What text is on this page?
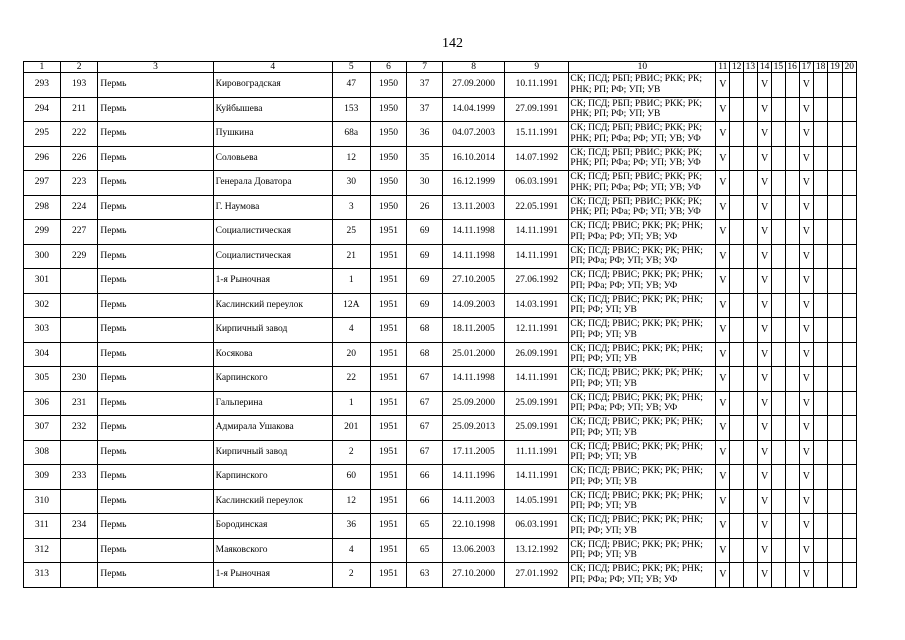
142
1	2	3	4	5	6	7	8	9	10	11	12	13	14	15	16	17	18	19	20
293	193	Пермь	Кировоградская	47	1950	37	27.09.2000	10.11.1991	СК; ПСД; РБП; РВИС; РКК; РК; РНК; РП; РФ; УП; УВ	V			V			V			
294	211	Пермь	Куйбышева	153	1950	37	14.04.1999	27.09.1991	СК; ПСД; РБП; РВИС; РКК; РК; РНК; РП; РФ; УП; УВ	V			V			V			
295	222	Пермь	Пушкина	68а	1950	36	04.07.2003	15.11.1991	СК; ПСД; РБП; РВИС; РКК; РК; РНК; РП; РФа; РФ; УП; УВ; УФ	V			V			V			
296	226	Пермь	Соловьева	12	1950	35	16.10.2014	14.07.1992	СК; ПСД; РБП; РВИС; РКК; РК; РНК; РП; РФа; РФ; УП; УВ; УФ	V			V			V			
297	223	Пермь	Генерала Доватора	30	1950	30	16.12.1999	06.03.1991	СК; ПСД; РБП; РВИС; РКК; РК; РНК; РП; РФа; РФ; УП; УВ; УФ	V			V			V			
298	224	Пермь	Г. Наумова	3	1950	26	13.11.2003	22.05.1991	СК; ПСД; РБП; РВИС; РКК; РК; РНК; РП; РФа; РФ; УП; УВ; УФ	V			V			V			
299	227	Пермь	Социалистическая	25	1951	69	14.11.1998	14.11.1991	СК; ПСД; РВИС; РКК; РК; РНК; РП; РФа; РФ; УП; УВ; УФ	V			V			V			
300	229	Пермь	Социалистическая	21	1951	69	14.11.1998	14.11.1991	СК; ПСД; РВИС; РКК; РК; РНК; РП; РФа; РФ; УП; УВ; УФ	V			V			V			
301		Пермь	1-я Рыночная	1	1951	69	27.10.2005	27.06.1992	СК; ПСД; РВИС; РКК; РК; РНК; РП; РФа; РФ; УП; УВ; УФ	V			V			V			
302		Пермь	Каслинский переулок	12А	1951	69	14.09.2003	14.03.1991	СК; ПСД; РВИС; РКК; РК; РНК; РП; РФ; УП; УВ	V			V			V			
303		Пермь	Кирпичный завод	4	1951	68	18.11.2005	12.11.1991	СК; ПСД; РВИС; РКК; РК; РНК; РП; РФ; УП; УВ	V			V			V			
304		Пермь	Косякова	20	1951	68	25.01.2000	26.09.1991	СК; ПСД; РВИС; РКК; РК; РНК; РП; РФ; УП; УВ	V			V			V			
305	230	Пермь	Карпинского	22	1951	67	14.11.1998	14.11.1991	СК; ПСД; РВИС; РКК; РК; РНК; РП; РФ; УП; УВ	V			V			V			
306	231	Пермь	Гальперина	1	1951	67	25.09.2000	25.09.1991	СК; ПСД; РВИС; РКК; РК; РНК; РП; РФа; РФ; УП; УВ; УФ	V			V			V			
307	232	Пермь	Адмирала Ушакова	201	1951	67	25.09.2013	25.09.1991	СК; ПСД; РВИС; РКК; РК; РНК; РП; РФ; УП; УВ	V			V			V			
308		Пермь	Кирпичный завод	2	1951	67	17.11.2005	11.11.1991	СК; ПСД; РВИС; РКК; РК; РНК; РП; РФ; УП; УВ	V			V			V			
309	233	Пермь	Карпинского	60	1951	66	14.11.1996	14.11.1991	СК; ПСД; РВИС; РКК; РК; РНК; РП; РФ; УП; УВ	V			V			V			
310		Пермь	Каслинский переулок	12	1951	66	14.11.2003	14.05.1991	СК; ПСД; РВИС; РКК; РК; РНК; РП; РФ; УП; УВ	V			V			V			
311	234	Пермь	Бородинская	36	1951	65	22.10.1998	06.03.1991	СК; ПСД; РВИС; РКК; РК; РНК; РП; РФ; УП; УВ	V			V			V			
312		Пермь	Маяковского	4	1951	65	13.06.2003	13.12.1992	СК; ПСД; РВИС; РКК; РК; РНК; РП; РФ; УП; УВ	V			V			V			
313		Пермь	1-я Рыночная	2	1951	63	27.10.2000	27.01.1992	СК; ПСД; РВИС; РКК; РК; РНК; РП; РФа; РФ; УП; УВ; УФ	V			V			V			
